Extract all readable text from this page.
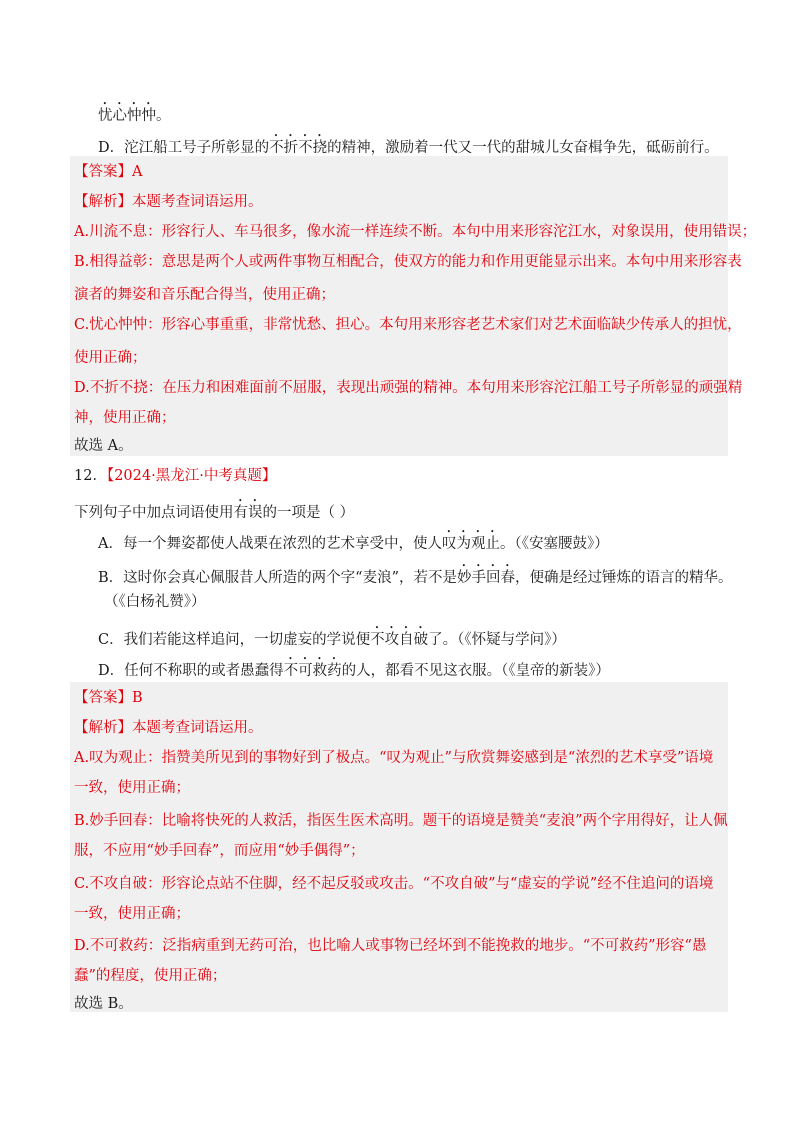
忧心忡忡。
D．沱江船工号子所彰显的不折不挠的精神，激励着一代又一代的甜城儿女奋楫争先，砥砺前行。
【答案】A
【解析】本题考查词语运用。
A.川流不息：形容行人、车马很多，像水流一样连续不断。本句中用来形容沱江水，对象误用，使用错误；
B.相得益彰：意思是两个人或两件事物互相配合，使双方的能力和作用更能显示出来。本句中用来形容表
演者的舞姿和音乐配合得当，使用正确；
C.忧心忡忡：形容心事重重，非常忧愁、担心。本句用来形容老艺术家们对艺术面临缺少传承人的担忧，
使用正确；
D.不折不挠：在压力和困难面前不屈服，表现出顽强的精神。本句用来形容沱江船工号子所彰显的顽强精
神，使用正确；
故选 A。
12．【2024·黑龙江·中考真题】
下列句子中加点词语使用有误的一项是（ ）
A．每一个舞姿都使人战栗在浓烈的艺术享受中，使人叹为观止。（《安塞腰鼓》）
B．这时你会真心佩服昔人所造的两个字“麦浪”，若不是妙手回春，便确是经过锤炼的语言的精华。
（《白杨礼赞》）
C．我们若能这样追问，一切虚妄的学说便不攻自破了。（《怀疑与学问》）
D．任何不称职的或者愚蠢得不可救药的人，都看不见这衣服。（《皇帝的新装》）
【答案】B
【解析】本题考查词语运用。
A.叹为观止：指赞美所见到的事物好到了极点。“叹为观止”与欣赏舞姿感到是“浓烈的艺术享受”语境
一致，使用正确；
B.妙手回春：比喻将快死的人救活，指医生医术高明。题干的语境是赞美“麦浪”两个字用得好，让人佩
服，不应用“妙手回春”，而应用“妙手偶得”；
C.不攻自破：形容论点站不住脚，经不起反驳或攻击。“不攻自破”与“虚妄的学说”经不住追问的语境
一致，使用正确；
D.不可救药：泛指病重到无药可治，也比喻人或事物已经坏到不能挽救的地步。“不可救药”形容“愚
蠢”的程度，使用正确；
故选 B。
